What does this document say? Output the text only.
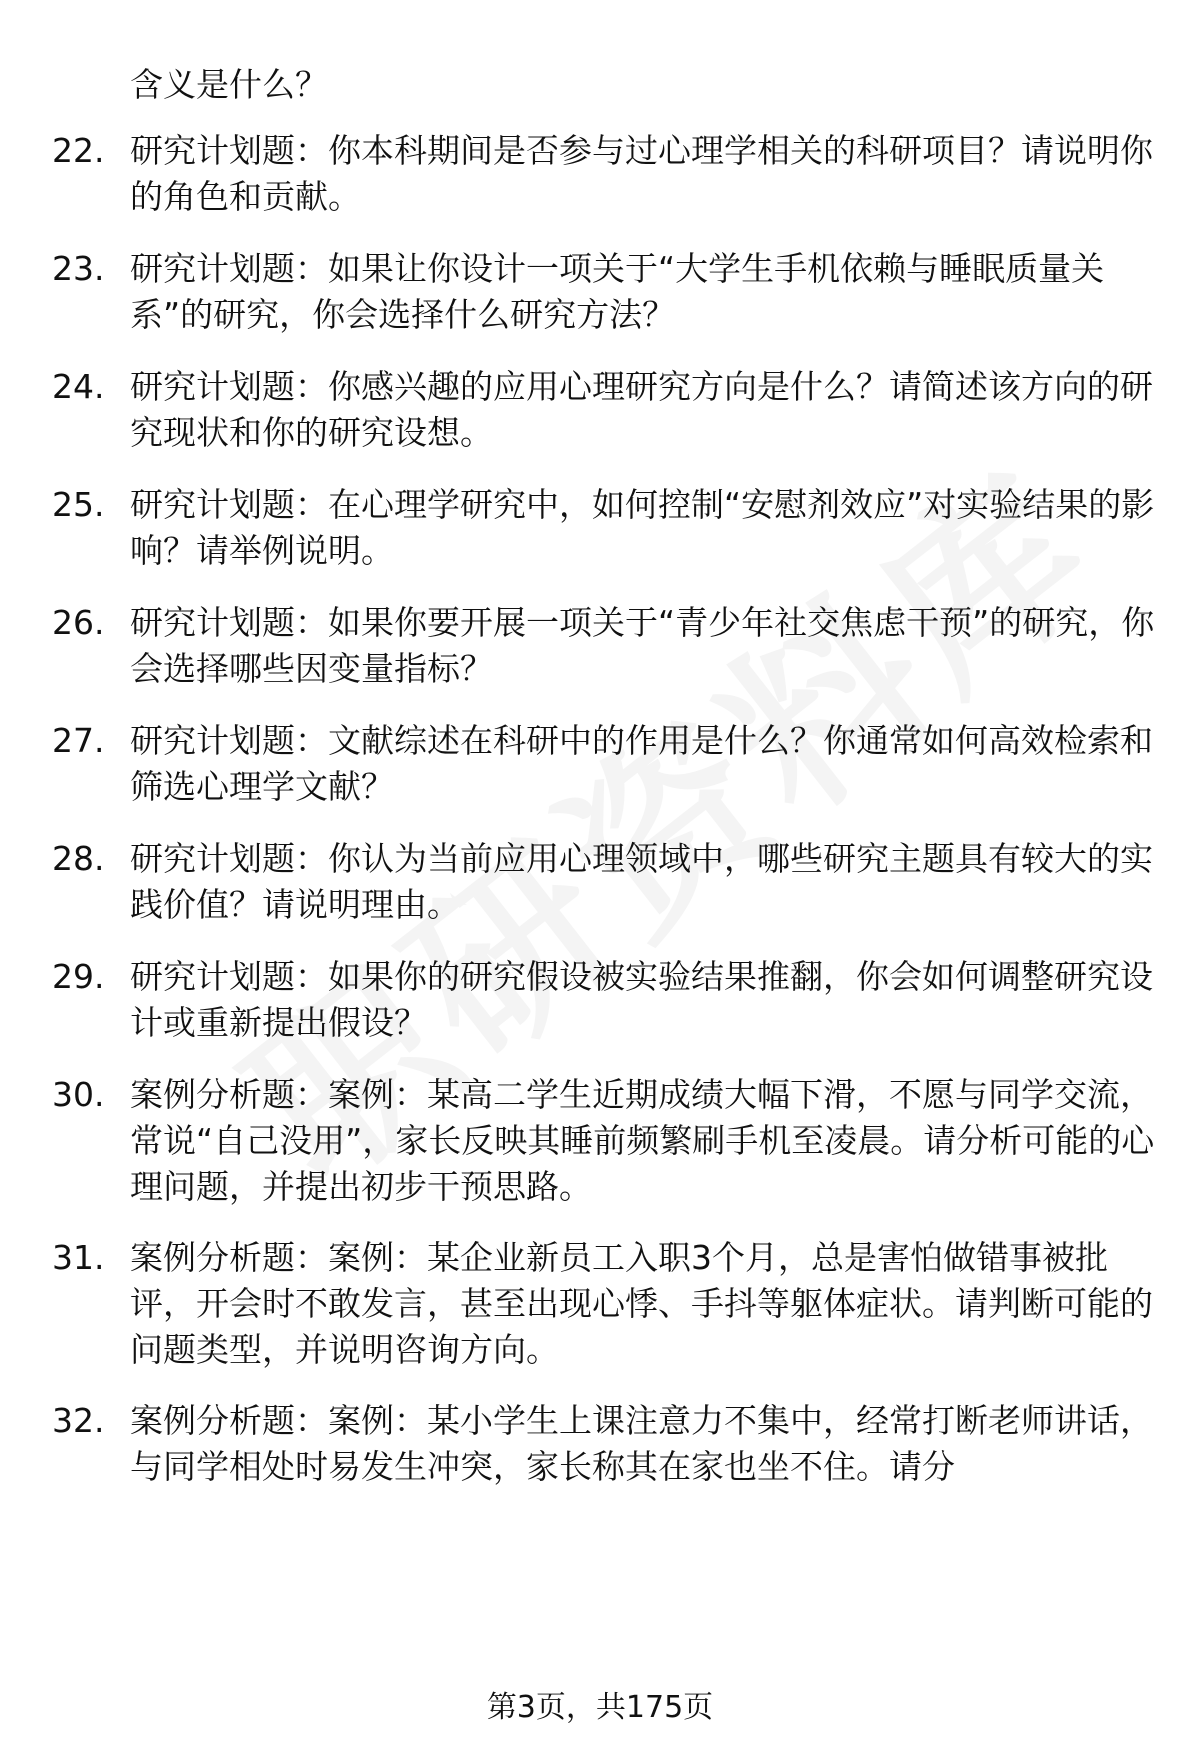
含义是什么？
22. 研究计划题：你本科期间是否参与过心理学相关的科研项目？请说明你的角色和贡献。
23. 研究计划题：如果让你设计一项关于“大学生手机依赖与睡眠质量关系”的研究，你会选择什么研究方法？
24. 研究计划题：你感兴趣的应用心理研究方向是什么？请简述该方向的研究现状和你的研究设想。
25. 研究计划题：在心理学研究中，如何控制“安慰剂效应”对实验结果的影响？请举例说明。
26. 研究计划题：如果你要开展一项关于“青少年社交焦虑干预”的研究，你会选择哪些因变量指标？
27. 研究计划题：文献综述在科研中的作用是什么？你通常如何高效检索和筛选心理学文献？
28. 研究计划题：你认为当前应用心理领域中，哪些研究主题具有较大的实践价值？请说明理由。
29. 研究计划题：如果你的研究假设被实验结果推翻，你会如何调整研究设计或重新提出假设？
30. 案例分析题：案例：某高二学生近期成绩大幅下滑，不愿与同学交流，常说“自己没用”，家长反映其睡前频繁刷手机至凌晨。请分析可能的心理问题，并提出初步干预思路。
31. 案例分析题：案例：某企业新员工入职3个月，总是害怕做错事被批评，开会时不敢发言，甚至出现心悸、手抖等躯体症状。请判断可能的问题类型，并说明咨询方向。
32. 案例分析题：案例：某小学生上课注意力不集中，经常打断老师讲话，与同学相处时易发生冲突，家长称其在家也坐不住。请分
第3页，共175页
